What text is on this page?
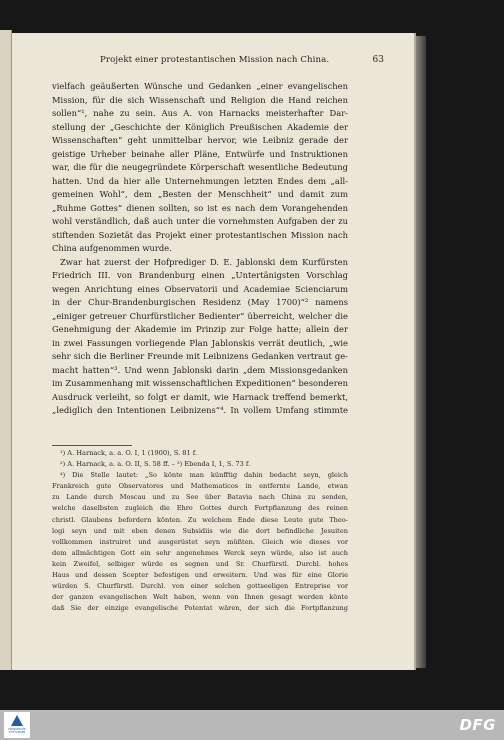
Projekt einer protestantischen Mission nach China.	63
vielfach geäußerten Wünsche und Gedanken „einer evangelischen
Mission, für die sich Wissenschaft und Religion die Hand reichen
sollen“¹, nahe zu sein. Aus A. von Harnacks meisterhafter Dar-
stellung der „Geschichte der Königlich Preußischen Akademie der
Wissenschaften“ geht unmittelbar hervor, wie Leibniz gerade der
geistige Urheber beinahe aller Pläne, Entwürfe und Instruktionen
war, die für die neugegründete Körperschaft wesentliche Bedeutung
hatten. Und da hier alle Unternehmungen letzten Endes dem „all-
gemeinen Wohl“, dem „Besten der Menschheit“ und damit zum
„Ruhme Gottes“ dienen sollten, so ist es nach dem Vorangehenden
wohl verständlich, daß auch unter die vornehmsten Aufgaben der zu
stiftenden Sozietät das Projekt einer protestantischen Mission nach
China aufgenommen wurde.
Zwar hat zuerst der Hofprediger D. E. Jablonski dem Kurfürsten
Friedrich III. von Brandenburg einen „Untertänigsten Vorschlag
wegen Anrichtung eines Observatorii und Academiae Scienciarum
in der Chur-Brandenburgischen Residenz (May 1700)“² namens
„einiger getreuer Churfürstlicher Bedienter“ überreicht, welcher die
Genehmigung der Akademie im Prinzip zur Folge hatte; allein der
in zwei Fassungen vorliegende Plan Jablonskis verrät deutlich, „wie
sehr sich die Berliner Freunde mit Leibnizens Gedanken vertraut ge-
macht hatten“³. Und wenn Jablonski darin „dem Missionsgedanken
im Zusammenhang mit wissenschaftlichen Expeditionen“ besonderen
Ausdruck verleiht, so folgt er damit, wie Harnack treffend bemerkt,
„lediglich den Intentionen Leibnizens“⁴. In vollem Umfang stimmte
¹) A. Harnack, a. a. O. I, 1 (1900), S. 81 f.
²) A. Harnack, a. a. O. II, S. 58 ff. – ³) Ebenda I, 1, S. 73 f.
⁴) Die Stelle lautet: „So könte man künfftig dahin bedacht seyn, gleich
Frankreich gute Observatores und Mathematicos in entfernte Lande, etwan
zu Lande durch Moscau und zu See über Batavia nach China zu senden,
welche daselbsten zugleich die Ehre Gottes durch Fortpflanzung des reinen
christl. Glaubens befordern könten. Zu welchem Ende diese Leute gute Theo-
logi seyn und mit eben denen Subsidiis wie die dort befindliche Jesuiten
vollkommen instruiret und ausgerüstet seyn müßten. Gleich wie dieses vor
dem allmächtigen Gott ein sehr angenehmes Werck seyn würde, also ist auch
kein Zweifel, selbiger würde es segnen und Sr. Churfürstl. Durchl. hohes
Haus und dessen Scepter befestigen und erweitern. Und was für eine Glorie
würden S. Churfürstl. Durchl. von einer solchen gottseeligen Entreprise vor
der ganzen evangelischen Welt haben, wenn von Ihnen gesagt werden könte
daß Sie der einzige evangelische Potentat wären, der sich die Fortpflanzung
FRANKESCHE STIFTUNGEN	DFG
